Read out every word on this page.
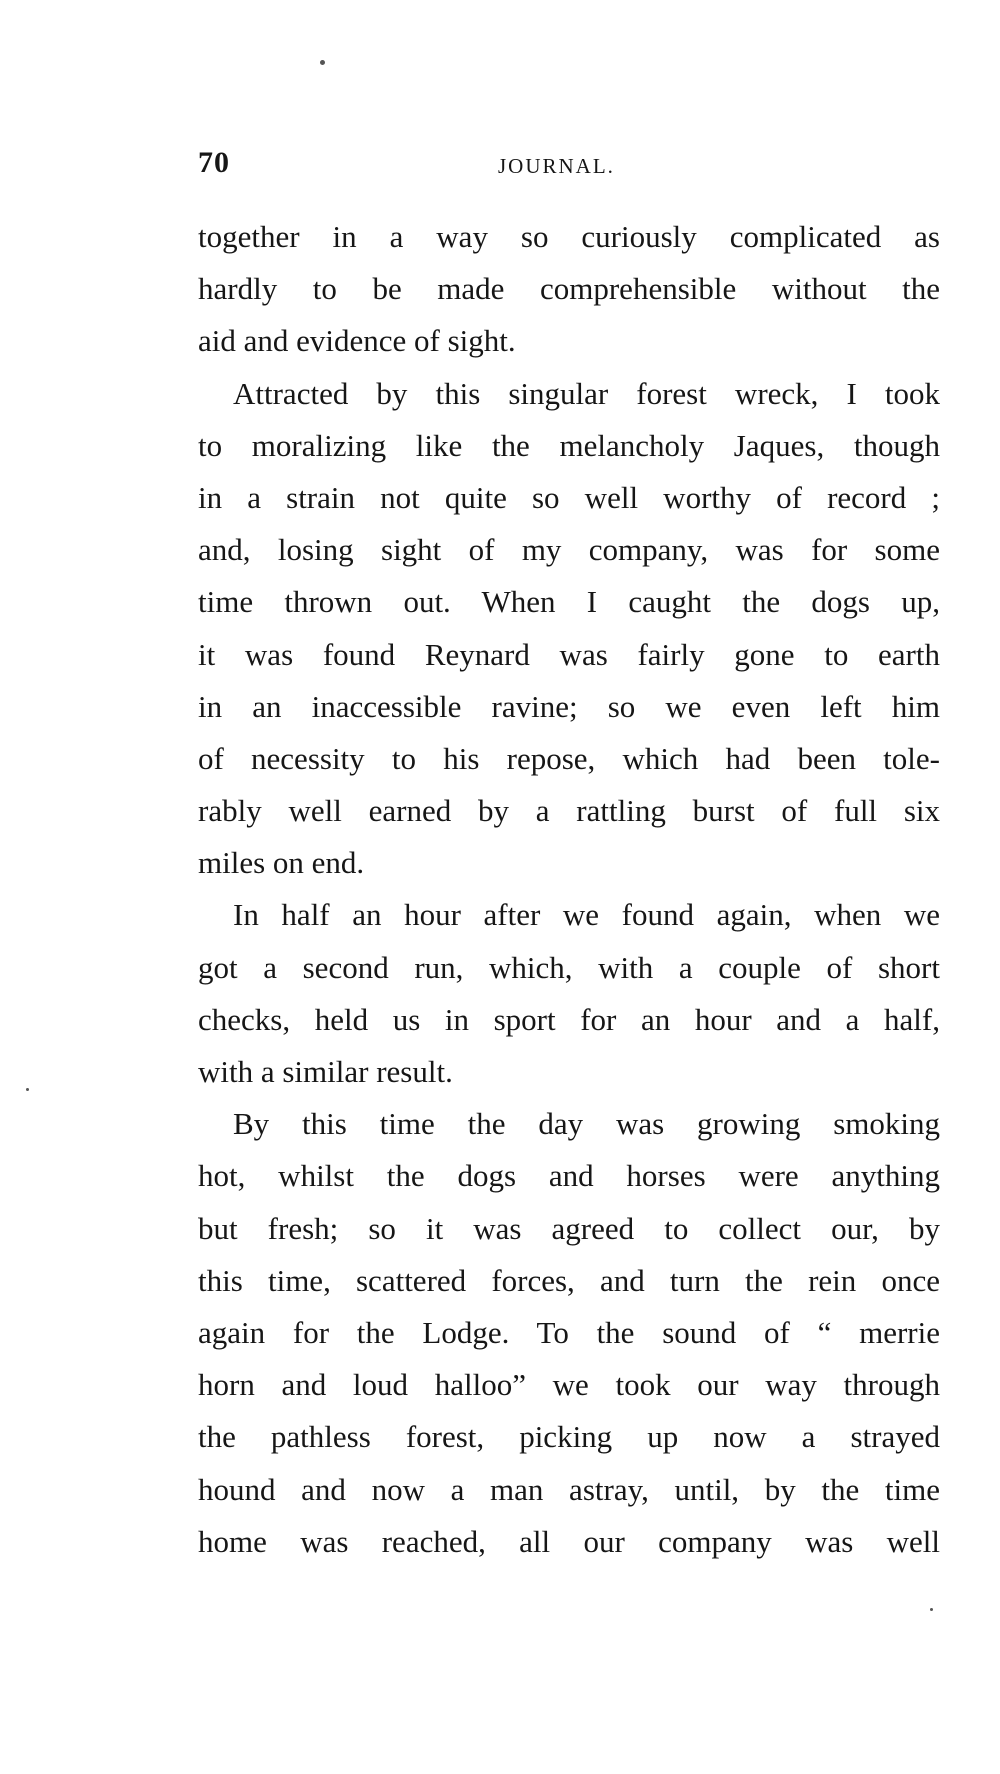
70	JOURNAL.
together in a way so curiously complicated as
hardly to be made comprehensible without the
aid and evidence of sight.
Attracted by this singular forest wreck, I took
to moralizing like the melancholy Jaques, though
in a strain not quite so well worthy of record ;
and, losing sight of my company, was for some
time thrown out. When I caught the dogs up,
it was found Reynard was fairly gone to earth
in an inaccessible ravine; so we even left him
of necessity to his repose, which had been tole-
rably well earned by a rattling burst of full six
miles on end.
In half an hour after we found again, when we
got a second run, which, with a couple of short
checks, held us in sport for an hour and a half,
with a similar result.
By this time the day was growing smoking
hot, whilst the dogs and horses were anything
but fresh; so it was agreed to collect our, by
this time, scattered forces, and turn the rein once
again for the Lodge. To the sound of “ merrie
horn and loud halloo” we took our way through
the pathless forest, picking up now a strayed
hound and now a man astray, until, by the time
home was reached, all our company was well
